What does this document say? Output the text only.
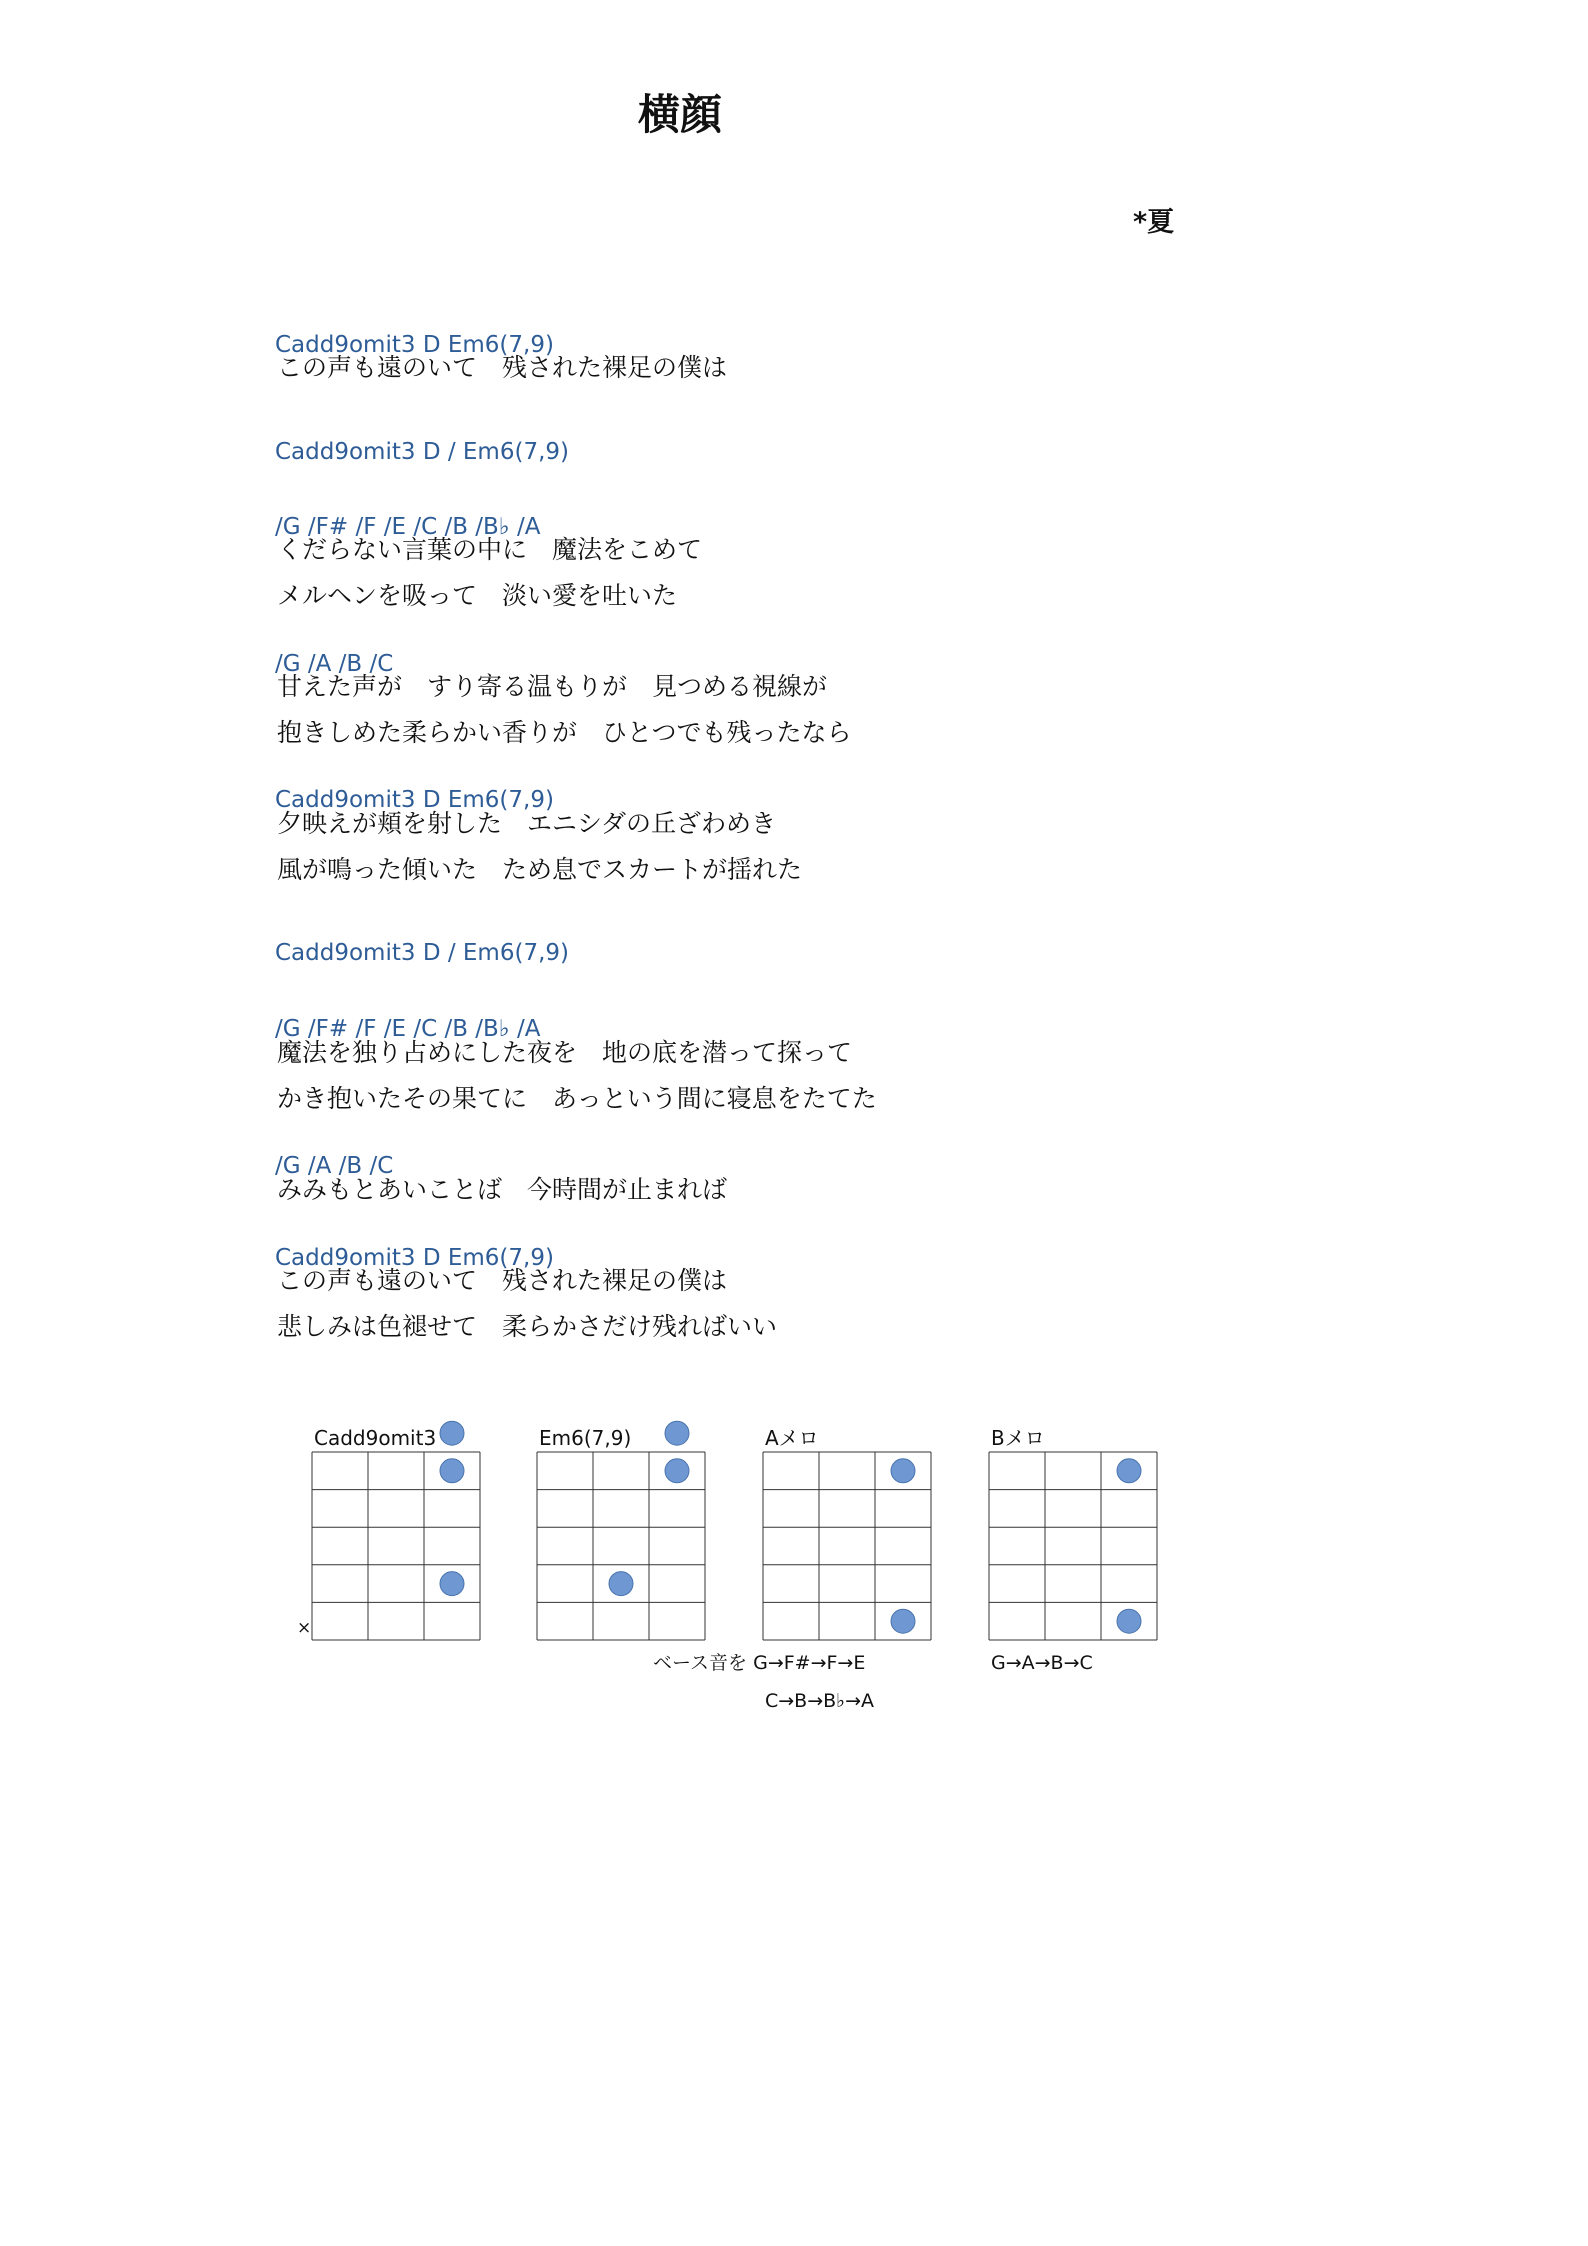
横顔
*夏
Cadd9omit3 D Em6(7,9)
Cadd9omit3 D / Em6(7,9)
/G /F# /F /E /C /B /B♭ /A
/G /A /B /C
Cadd9omit3 D Em6(7,9)
Cadd9omit3 D / Em6(7,9)
/G /F# /F /E /C /B /B♭ /A
/G /A /B /C
Cadd9omit3 D Em6(7,9)
この声も遠のいて　残された裸足の僕は
くだらない言葉の中に　魔法をこめて
メルヘンを吸って　淡い愛を吐いた
甘えた声が　すり寄る温もりが　見つめる視線が
抱きしめた柔らかい香りが　ひとつでも残ったなら
夕映えが頬を射した　エニシダの丘ざわめき
風が鳴った傾いた　ため息でスカートが揺れた
魔法を独り占めにした夜を　地の底を潜って探って
かき抱いたその果てに　あっという間に寝息をたてた
みみもとあいことば　今時間が止まれば
この声も遠のいて　残された裸足の僕は
悲しみは色褪せて　柔らかさだけ残ればいい
Cadd9omit3
×
Em6(7,9)	Aメロ	Bメロ
ベース音を G→F#→F→E
C→B→B♭→A
G→A→B→C
